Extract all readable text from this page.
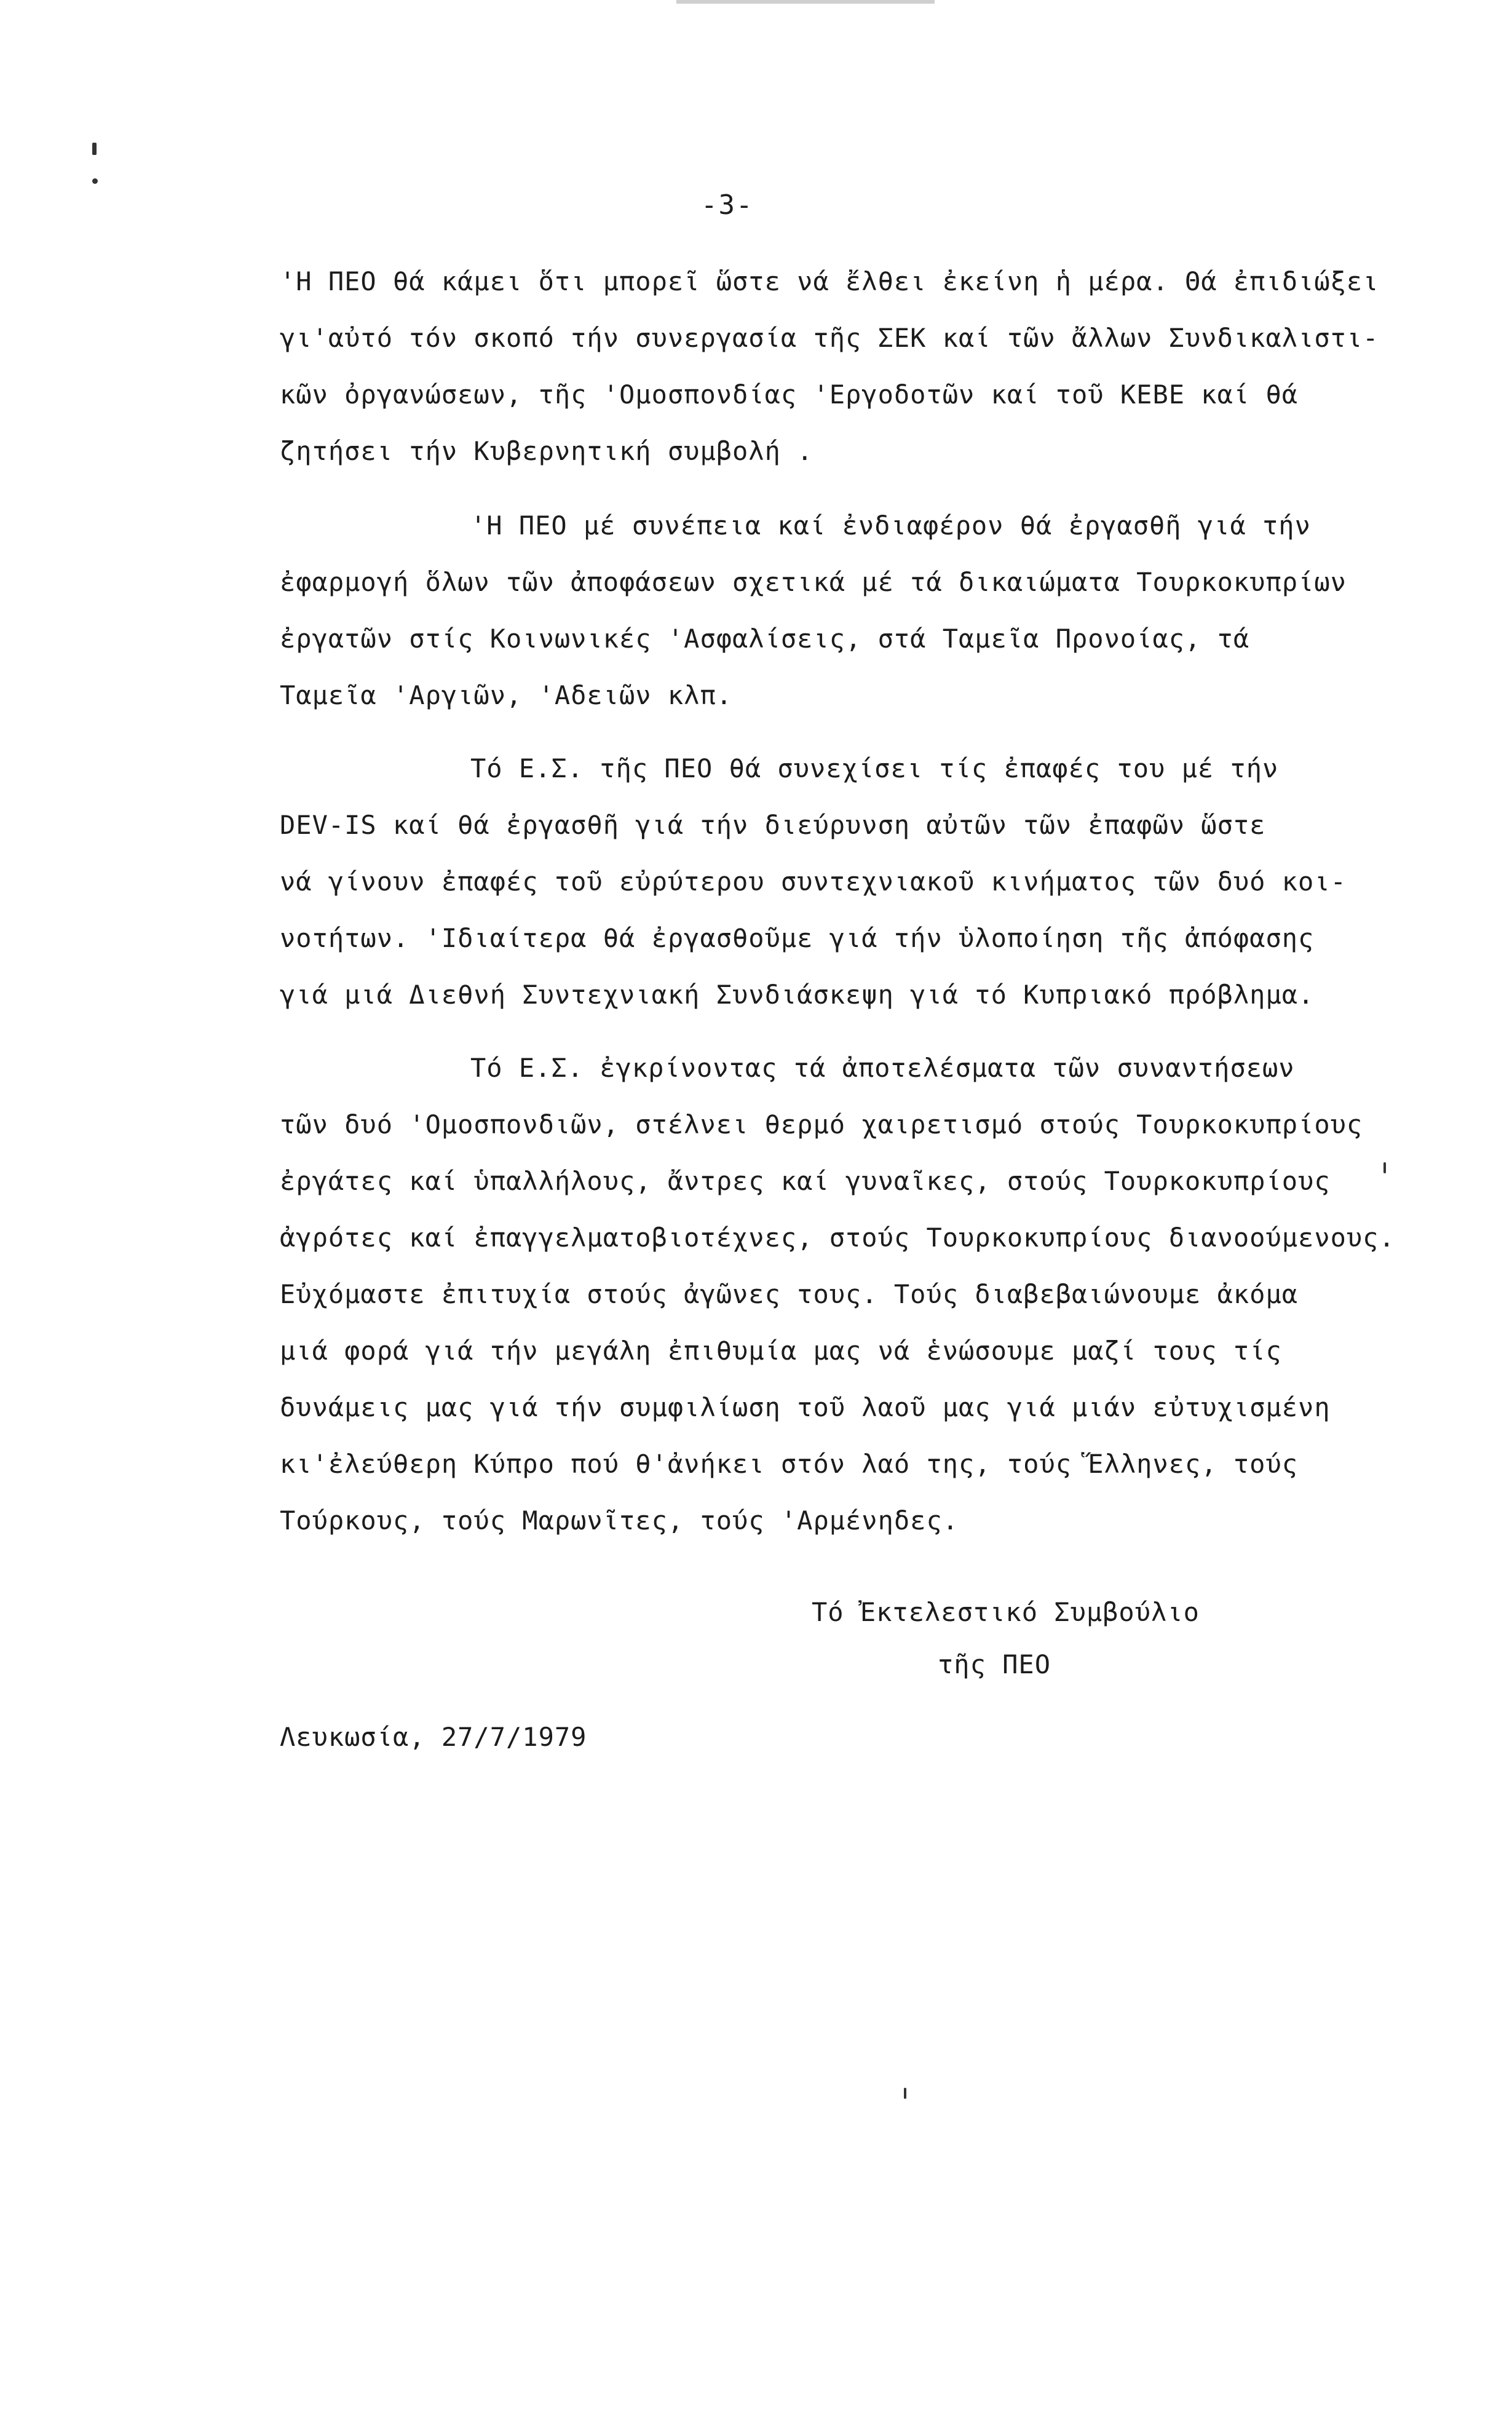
-3-
'Η ΠΕΟ θά κάμει ὅτι μπορεῖ ὥστε νά ἔλθει ἐκείνη ἡ μέρα. Θά ἐπιδιώξει
γι'αὐτό τόν σκοπό τήν συνεργασία τῆς ΣΕΚ καί τῶν ἄλλων Συνδικαλιστι-
κῶν ὀργανώσεων, τῆς 'Ομοσπονδίας 'Εργοδοτῶν καί τοῦ ΚΕΒΕ καί θά
ζητήσει τήν Κυβερνητική συμβολή .
'Η ΠΕΟ μέ συνέπεια καί ἐνδιαφέρον θά ἐργασθῆ γιά τήν
ἐφαρμογή ὅλων τῶν ἀποφάσεων σχετικά μέ τά δικαιώματα Τουρκοκυπρίων
ἐργατῶν στίς Κοινωνικές 'Ασφαλίσεις, στά Ταμεῖα Προνοίας, τά
Ταμεῖα 'Αργιῶν, 'Αδειῶν κλπ.
Τό Ε.Σ. τῆς ΠΕΟ θά συνεχίσει τίς ἐπαφές του μέ τήν
DEV-IS καί θά ἐργασθῆ γιά τήν διεύρυνση αὐτῶν τῶν ἐπαφῶν ὥστε
νά γίνουν ἐπαφές τοῦ εὐρύτερου συντεχνιακοῦ κινήματος τῶν δυό κοι-
νοτήτων. 'Ιδιαίτερα θά ἐργασθοῦμε γιά τήν ὑλοποίηση τῆς ἀπόφασης
γιά μιά Διεθνή Συντεχνιακή Συνδιάσκεψη γιά τό Κυπριακό πρόβλημα.
Τό Ε.Σ. ἐγκρίνοντας τά ἀποτελέσματα τῶν συναντήσεων
τῶν δυό 'Ομοσπονδιῶν, στέλνει θερμό χαιρετισμό στούς Τουρκοκυπρίους
ἐργάτες καί ὑπαλλήλους, ἄντρες καί γυναῖκες, στούς Τουρκοκυπρίους
ἀγρότες καί ἐπαγγελματοβιοτέχνες, στούς Τουρκοκυπρίους διανοούμενους.
Εὐχόμαστε ἐπιτυχία στούς ἀγῶνες τους. Τούς διαβεβαιώνουμε ἀκόμα
μιά φορά γιά τήν μεγάλη ἐπιθυμία μας νά ἑνώσουμε μαζί τους τίς
δυνάμεις μας γιά τήν συμφιλίωση τοῦ λαοῦ μας γιά μιάν εὐτυχισμένη
κι'ἐλεύθερη Κύπρο πού θ'ἀνήκει στόν λαό της, τούς Ἕλληνες, τούς
Τούρκους, τούς Μαρωνῖτες, τούς 'Αρμένηδες.
Τό Ἐκτελεστικό Συμβούλιο
τῆς ΠΕΟ
Λευκωσία, 27/7/1979
